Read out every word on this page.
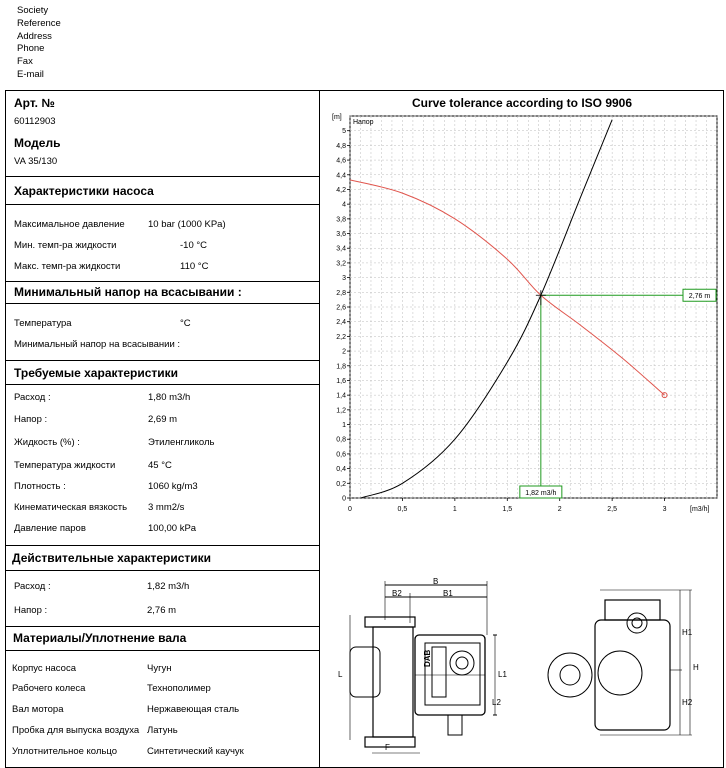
Society
Reference
Address
Phone
Fax
E-mail
Арт. №
60112903
Модель
VA 35/130
Характеристики насоса
Максимальное давление 10 bar (1000 KPa)
Мин. темп-ра жидкости	-10 °C
Макс. темп-ра жидкости	110 °C
Минимальный напор на всасывании :
Температура	°C
Минимальный напор на всасывании :
Требуемые характеристики
Расход :	1,80 m3/h
Напор :	2,69 m
Жидкость (%) :	Этиленгликоль
Температура жидкости	45 °C
Плотность :	1060 kg/m3
Кинематическая вязкость 3 mm2/s
Давление паров	100,00 kPa
Действительные характеристики
Расход :	1,82 m3/h
Напор :	2,76 m
Материалы/Уплотнение вала
Корпус насоса	Чугун
Рабочего колеса	Технополимер
Вал мотора	Нержавеющая сталь
Пробка для выпуска воздуха Латунь
Уплотнительное кольцо	Синтетический каучук
Curve tolerance according to ISO 9906
0
0,2
0,4
0,6
0,8
1
1,2
1,4
1,6
1,8
2
2,2
2,4
2,6
2,8
3
3,2
3,4
3,6
3,8
4
4,2
4,4
4,6
4,8
5
0	0,5	1	1,5	2	2,5	3
[m]
Напор
[m3/h]
2,76 m
1,82 m3/h
B
B2	B1
L	L1
L2
F
H
H1
H2
DAB
